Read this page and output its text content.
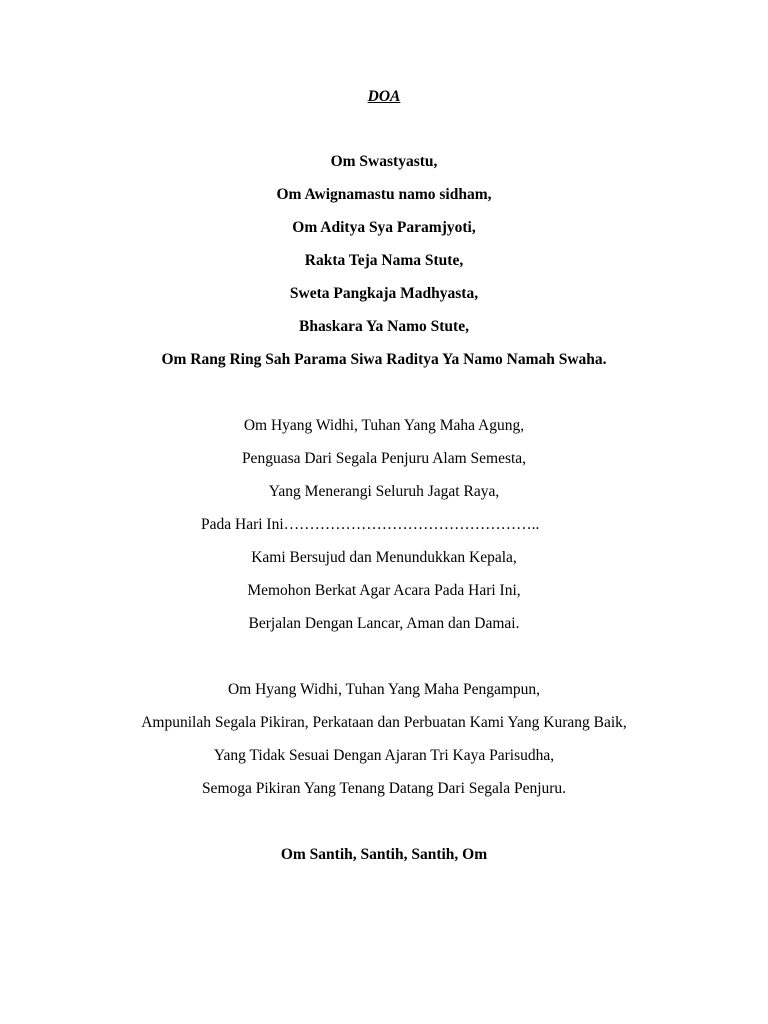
DOA
Om Swastyastu,
Om Awignamastu namo sidham,
Om Aditya Sya Paramjyoti,
Rakta Teja Nama Stute,
Sweta Pangkaja Madhyasta,
Bhaskara Ya Namo Stute,
Om Rang Ring Sah Parama Siwa Raditya Ya Namo Namah Swaha.
Om Hyang Widhi, Tuhan Yang Maha Agung,
Penguasa Dari Segala Penjuru Alam Semesta,
Yang Menerangi Seluruh Jagat Raya,
Pada Hari Ini…………………………………………..
Kami Bersujud dan Menundukkan Kepala,
Memohon Berkat Agar Acara Pada Hari Ini,
Berjalan Dengan Lancar, Aman dan Damai.
Om Hyang Widhi, Tuhan Yang Maha Pengampun,
Ampunilah Segala Pikiran, Perkataan dan Perbuatan Kami Yang Kurang Baik,
Yang Tidak Sesuai Dengan Ajaran Tri Kaya Parisudha,
Semoga Pikiran Yang Tenang Datang Dari Segala Penjuru.
Om Santih, Santih, Santih, Om
